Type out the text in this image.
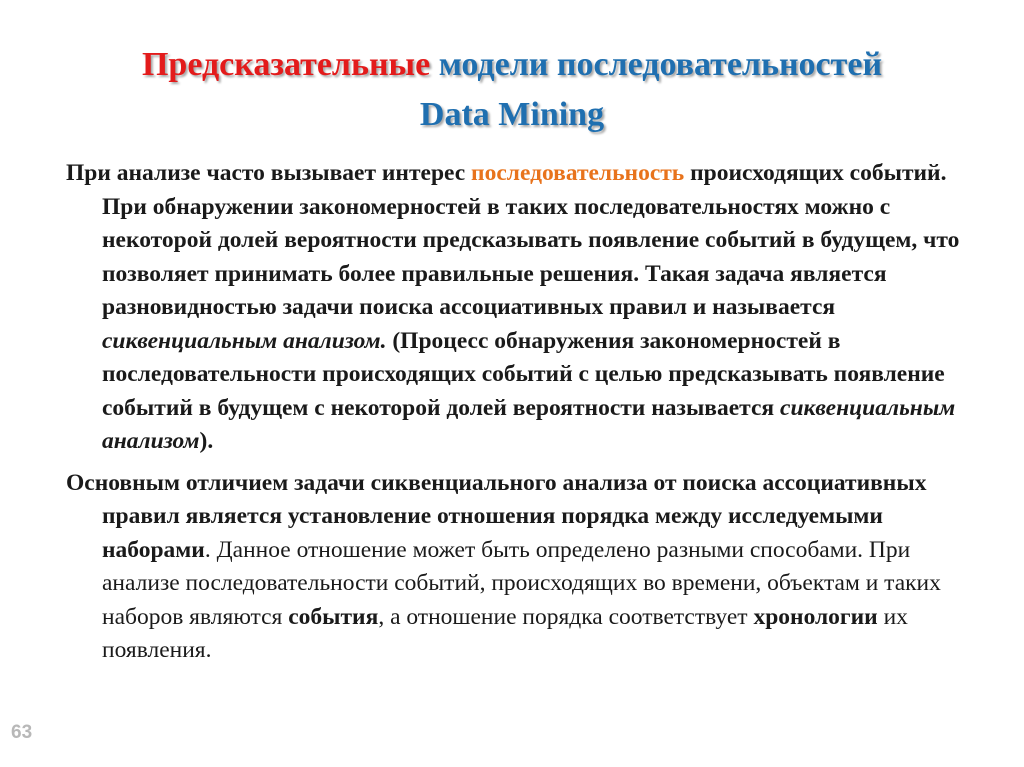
Предсказательные модели последовательностей
Data Mining

При анализе часто вызывает интерес последовательность происходящих событий. При обнаружении закономерностей в таких последовательностях можно с некоторой долей вероятности предсказывать появление событий в будущем, что позволяет принимать более правильные решения. Такая задача является разновидностью задачи поиска ассоциативных правил и называется сиквенциальным анализом. (Процесс обнаружения закономерностей в последовательности происходящих событий с целью предсказывать появление событий в будущем с некоторой долей вероятности называется сиквенциальным анализом).

Основным отличием задачи сиквенциального анализа от поиска ассоциативных правил является установление отношения порядка между исследуемыми наборами. Данное отношение может быть определено разными способами. При анализе последовательности событий, происходящих во времени, объектам и таких наборов являются события, а отношение порядка соответствует хронологии их появления.

63
